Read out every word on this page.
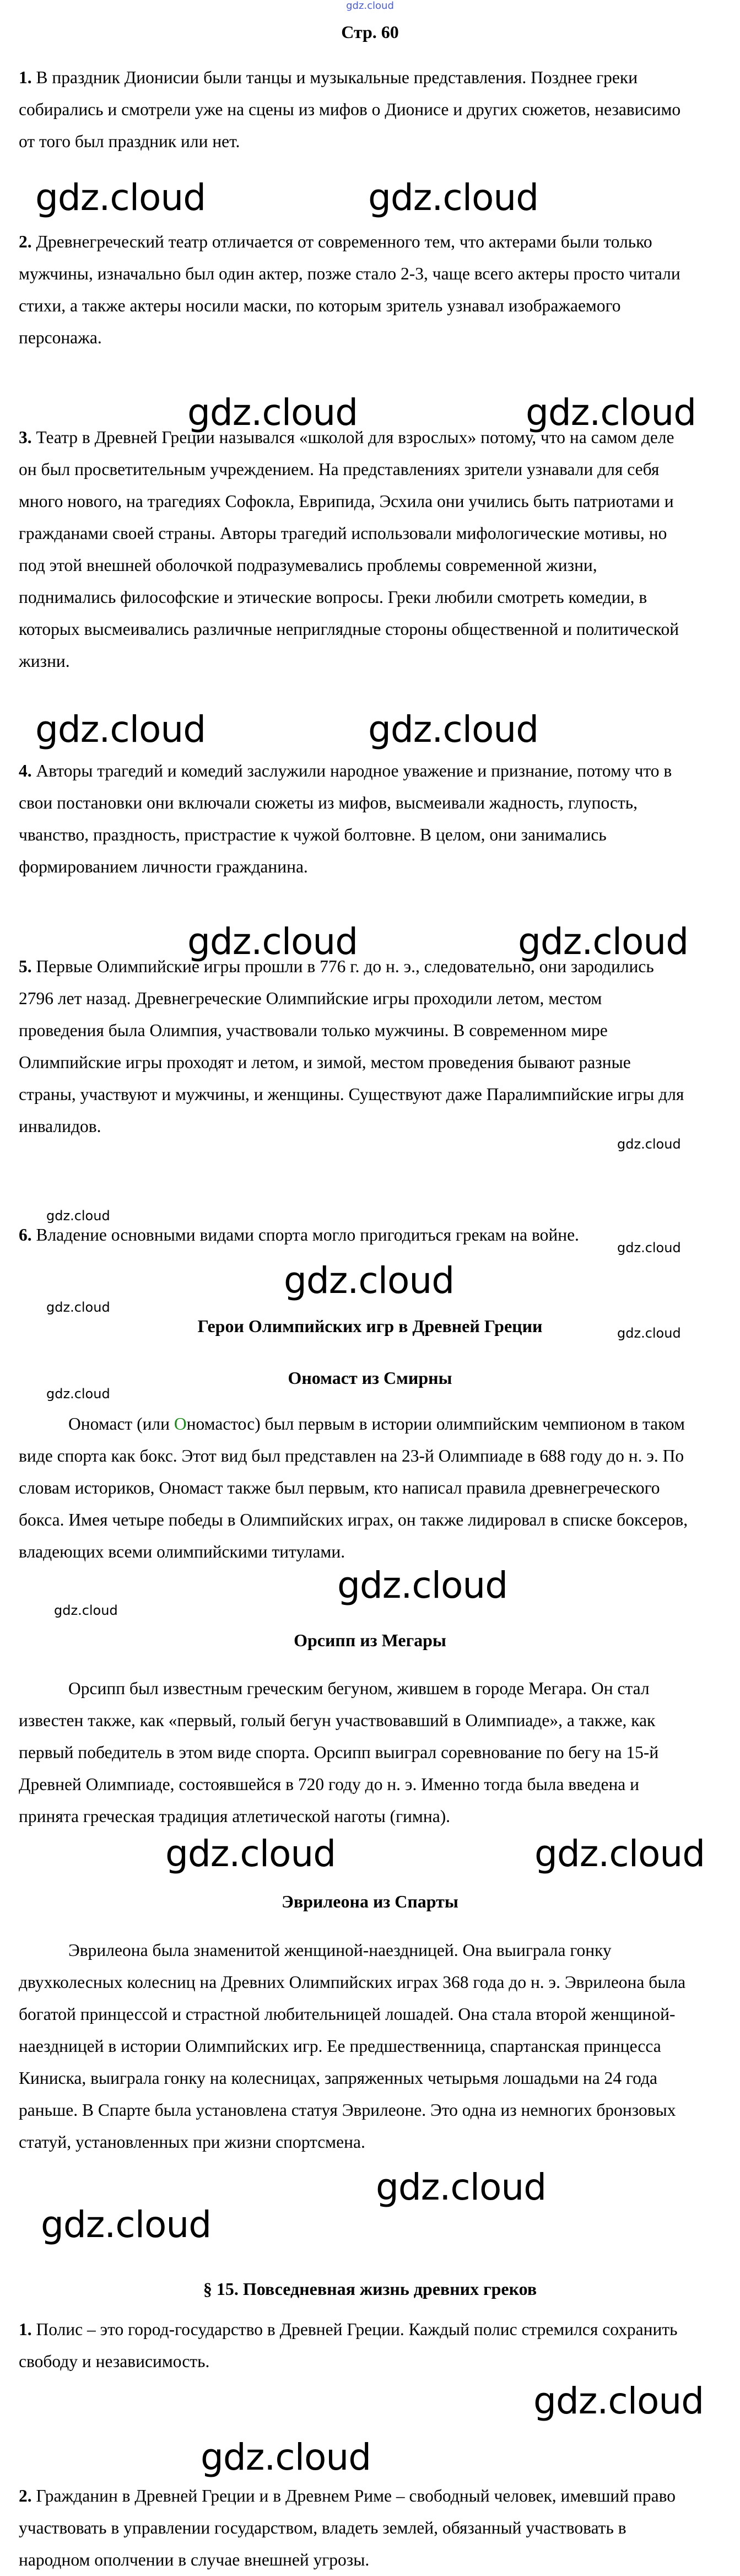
gdz.cloud
Стр. 60

1. В праздник Дионисии были танцы и музыкальные представления. Позднее греки собирались и смотрели уже на сцены из мифов о Дионисе и других сюжетов, независимо от того был праздник или нет.

gdz.cloud	gdz.cloud

2. Древнегреческий театр отличается от современного тем, что актерами были только мужчины, изначально был один актер, позже стало 2-3, чаще всего актеры просто читали стихи, а также актеры носили маски, по которым зритель узнавал изображаемого персонажа.

gdz.cloud	gdz.cloud

3. Театр в Древней Греции назывался «школой для взрослых» потому, что на самом деле он был просветительным учреждением. На представлениях зрители узнавали для себя много нового, на трагедиях Софокла, Еврипида, Эсхила они учились быть патриотами и гражданами своей страны. Авторы трагедий использовали мифологические мотивы, но под этой внешней оболочкой подразумевались проблемы современной жизни, поднимались философские и этические вопросы. Греки любили смотреть комедии, в которых высмеивались различные неприглядные стороны общественной и политической жизни.

gdz.cloud	gdz.cloud

4. Авторы трагедий и комедий заслужили народное уважение и признание, потому что в свои постановки они включали сюжеты из мифов, высмеивали жадность, глупость, чванство, праздность, пристрастие к чужой болтовне. В целом, они занимались формированием личности гражданина.

gdz.cloud	gdz.cloud

5. Первые Олимпийские игры прошли в 776 г. до н. э., следовательно, они зародились 2796 лет назад. Древнегреческие Олимпийские игры проходили летом, местом проведения была Олимпия, участвовали только мужчины. В современном мире Олимпийские игры проходят и летом, и зимой, местом проведения бывают разные страны, участвуют и мужчины, и женщины. Существуют даже Паралимпийские игры для инвалидов.

gdz.cloud
gdz.cloud

6. Владение основными видами спорта могло пригодиться грекам на войне.

gdz.cloud
gdz.cloud
gdz.cloud
Герои Олимпийских игр в Древней Греции	gdz.cloud
Ономаст из Смирны
gdz.cloud

Ономаст (или Ономастос) был первым в истории олимпийским чемпионом в таком виде спорта как бокс. Этот вид был представлен на 23-й Олимпиаде в 688 году до н. э. По словам историков, Ономаст также был первым, кто написал правила древнегреческого бокса. Имея четыре победы в Олимпийских играх, он также лидировал в списке боксеров, владеющих всеми олимпийскими титулами.

gdz.cloud
gdz.cloud
Орсипп из Мегары

Орсипп был известным греческим бегуном, жившем в городе Мегара. Он стал известен также, как «первый, голый бегун участвовавший в Олимпиаде», а также, как первый победитель в этом виде спорта. Орсипп выиграл соревнование по бегу на 15-й Древней Олимпиаде, состоявшейся в 720 году до н. э. Именно тогда была введена и принята греческая традиция атлетической наготы (гимна).

gdz.cloud	gdz.cloud
Эврилеона из Спарты

Эврилеона была знаменитой женщиной-наездницей. Она выиграла гонку двухколесных колесниц на Древних Олимпийских играх 368 года до н. э. Эврилеона была богатой принцессой и страстной любительницей лошадей. Она стала второй женщиной-наездницей в истории Олимпийских игр. Ее предшественница, спартанская принцесса Киниска, выиграла гонку на колесницах, запряженных четырьмя лошадьми на 24 года раньше. В Спарте была установлена статуя Эврилеоне. Это одна из немногих бронзовых статуй, установленных при жизни спортсмена.

gdz.cloud
gdz.cloud
§ 15. Повседневная жизнь древних греков

1. Полис – это город-государство в Древней Греции. Каждый полис стремился сохранить свободу и независимость.

gdz.cloud
gdz.cloud

2. Гражданин в Древней Греции и в Древнем Риме – свободный человек, имевший право участвовать в управлении государством, владеть землей, обязанный участвовать в народном ополчении в случае внешней угрозы.
